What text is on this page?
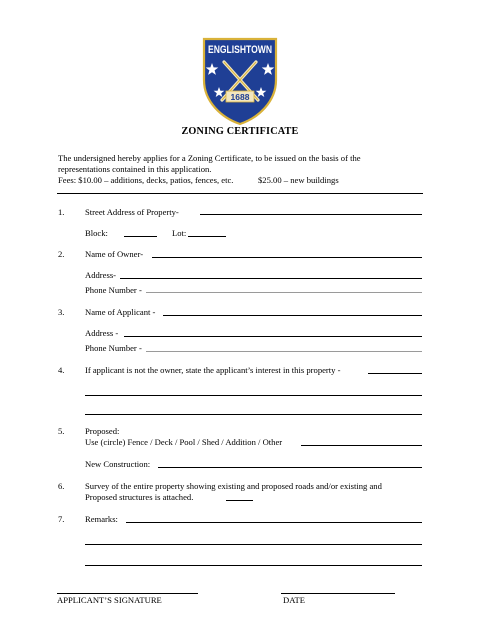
ENGLISHTOWN
1688
ZONING CERTIFICATE
The undersigned hereby applies for a Zoning Certificate, to be issued on the basis of the
representations contained in this application.
Fees: $10.00 – additions, decks, patios, fences, etc.	$25.00 – new buildings
1. Street Address of Property-
Block:	Lot:
2. Name of Owner-
Address-
Phone Number -
3. Name of Applicant -
Address -
Phone Number -
4. If applicant is not the owner, state the applicant’s interest in this property -
5. Proposed:
Use (circle) Fence / Deck / Pool / Shed / Addition / Other
New Construction:
6. Survey of the entire property showing existing and proposed roads and/or existing and
Proposed structures is attached.
7. Remarks:
APPLICANT’S SIGNATURE	DATE
